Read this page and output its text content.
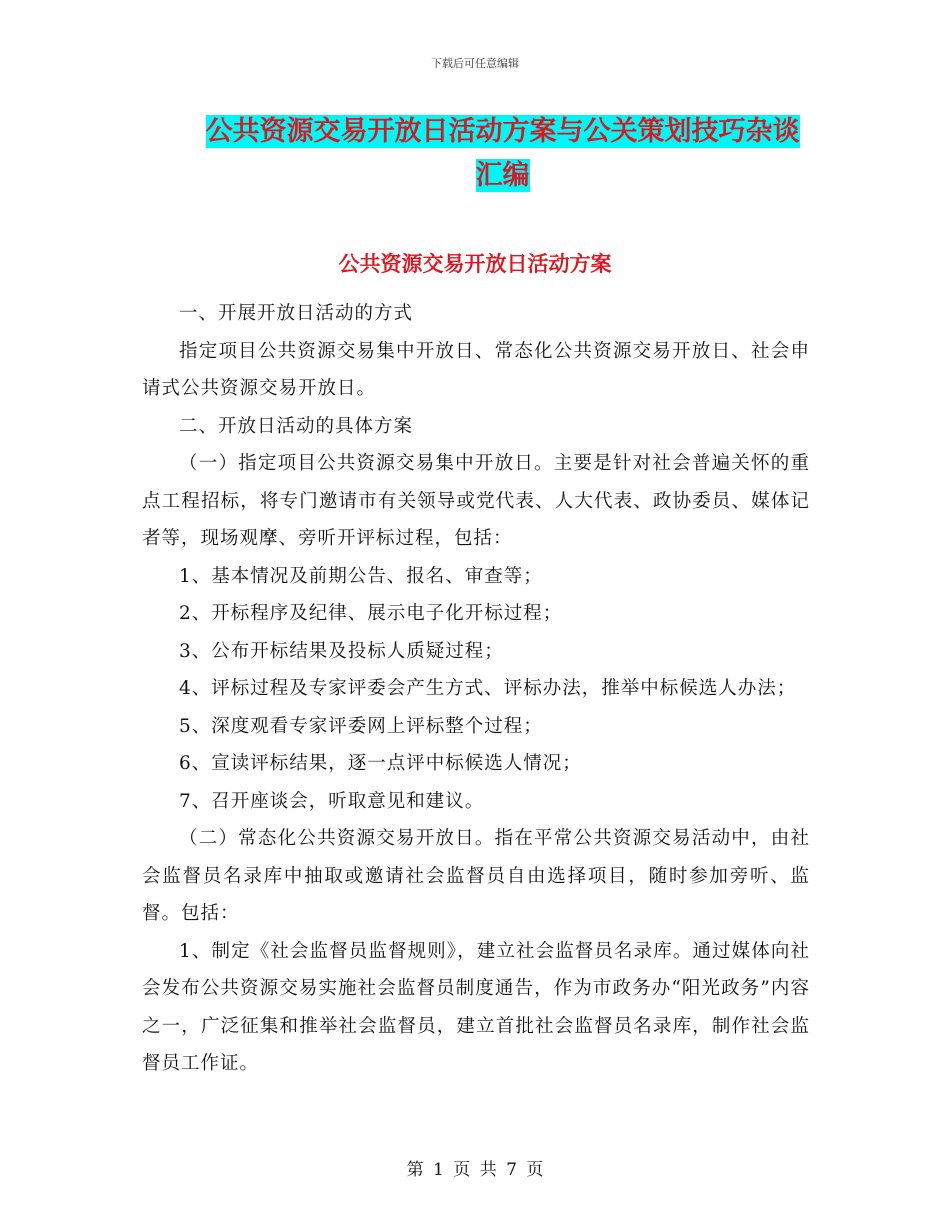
下载后可任意编辑
公共资源交易开放日活动方案与公关策划技巧杂谈汇编
公共资源交易开放日活动方案

一、开展开放日活动的方式

指定项目公共资源交易集中开放日、常态化公共资源交易开放日、社会申请式公共资源交易开放日。

二、开放日活动的具体方案

（一）指定项目公共资源交易集中开放日。主要是针对社会普遍关怀的重点工程招标，将专门邀请市有关领导或党代表、人大代表、政协委员、媒体记者等，现场观摩、旁听开评标过程，包括：

1、基本情况及前期公告、报名、审查等；

2、开标程序及纪律、展示电子化开标过程；

3、公布开标结果及投标人质疑过程；

4、评标过程及专家评委会产生方式、评标办法，推举中标候选人办法；

5、深度观看专家评委网上评标整个过程；

6、宣读评标结果，逐一点评中标候选人情况；

7、召开座谈会，听取意见和建议。

（二）常态化公共资源交易开放日。指在平常公共资源交易活动中，由社会监督员名录库中抽取或邀请社会监督员自由选择项目，随时参加旁听、监督。包括：

1、制定《社会监督员监督规则》，建立社会监督员名录库。通过媒体向社会发布公共资源交易实施社会监督员制度通告，作为市政务办“阳光政务”内容之一，广泛征集和推举社会监督员，建立首批社会监督员名录库，制作社会监督员工作证。

第 1 页 共 7 页
